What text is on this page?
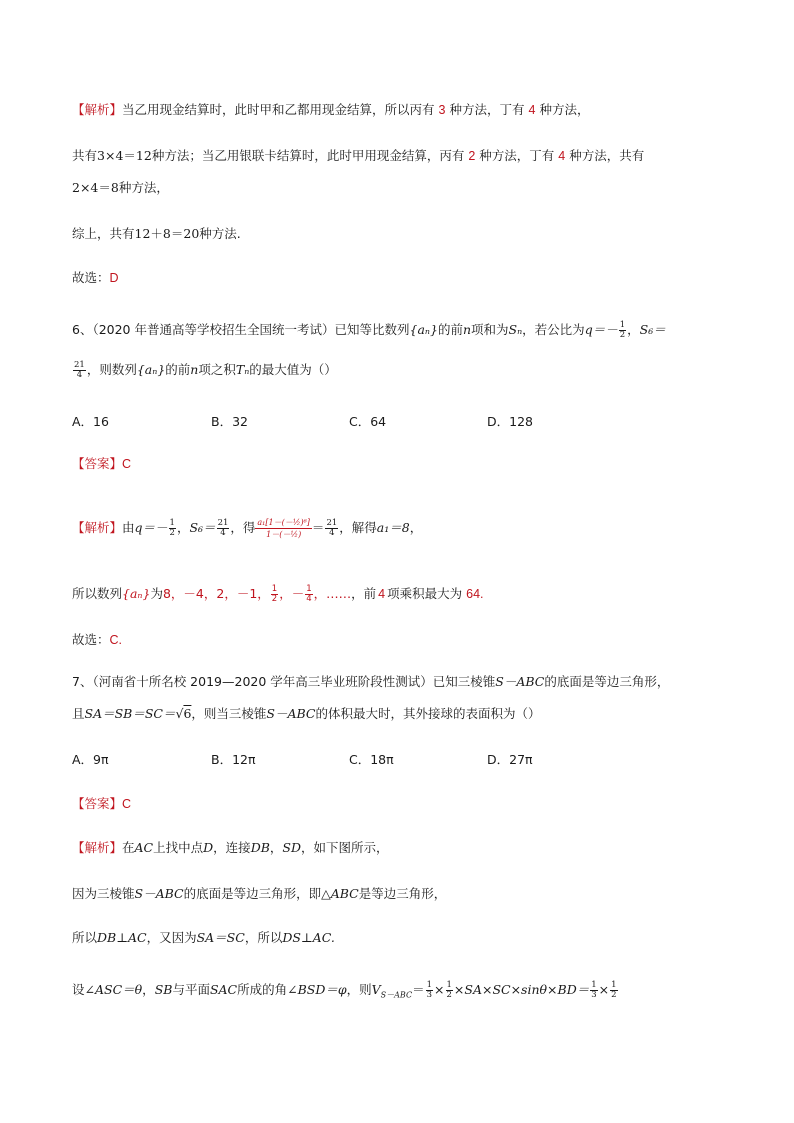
【解析】当乙用现金结算时，此时甲和乙都用现金结算，所以丙有 3 种方法，丁有 4 种方法，
共有3×4＝12种方法；当乙用银联卡结算时，此时甲用现金结算，丙有 2 种方法，丁有 4 种方法，共有
2×4＝8种方法，
综上，共有12＋8＝20种方法.
故选：D
6、（2020 年普通高等学校招生全国统一考试）已知等比数列{aₙ}的前n项和为Sₙ，若公比为$q=- \frac{1}{2}$ ，S₆＝
$\frac{21}{4}$ ，则数列{aₙ}的前n项之积Tₙ的最大值为（）
A．16	B．32	C．64	D．128
【答案】C
【解析】由$q=- \frac{1}{2}$ ，$S_6= \frac{21}{4}$ ，得 $\frac{\text{a₁[1－(－½)⁶]}}{\text{1－(－½)}} = \frac{21}{4}$ ，解得a₁＝8，
所以数列{aₙ}为8，－4，2，－1， $\frac{1}{2}$ ，－ $\frac{1}{4}$ ，……，前 4 项乘积最大为 64.
故选：C.
7、（河南省十所名校 2019—2020 学年高三毕业班阶段性测试）已知三棱锥S－ABC的底面是等边三角形，
且SA＝SB＝SC＝√6，则当三棱锥S－ABC的体积最大时，其外接球的表面积为（）
A．9π	B．12π	C．18π	D．27π
【答案】C
【解析】在AC上找中点D，连接DB，SD，如下图所示，
因为三棱锥S－ABC的底面是等边三角形，即△ABC是等边三角形，
所以DB⊥AC，又因为SA＝SC，所以DS⊥AC.
设∠ASC＝θ，SB与平面SAC所成的角∠BSD＝φ，则$V_{S-ABC}= \frac{1}{3} \times \frac{1}{2} \times SA\times SC\times\sin\theta\times BD= \frac{1}{3} \times \frac{1}{2}$
